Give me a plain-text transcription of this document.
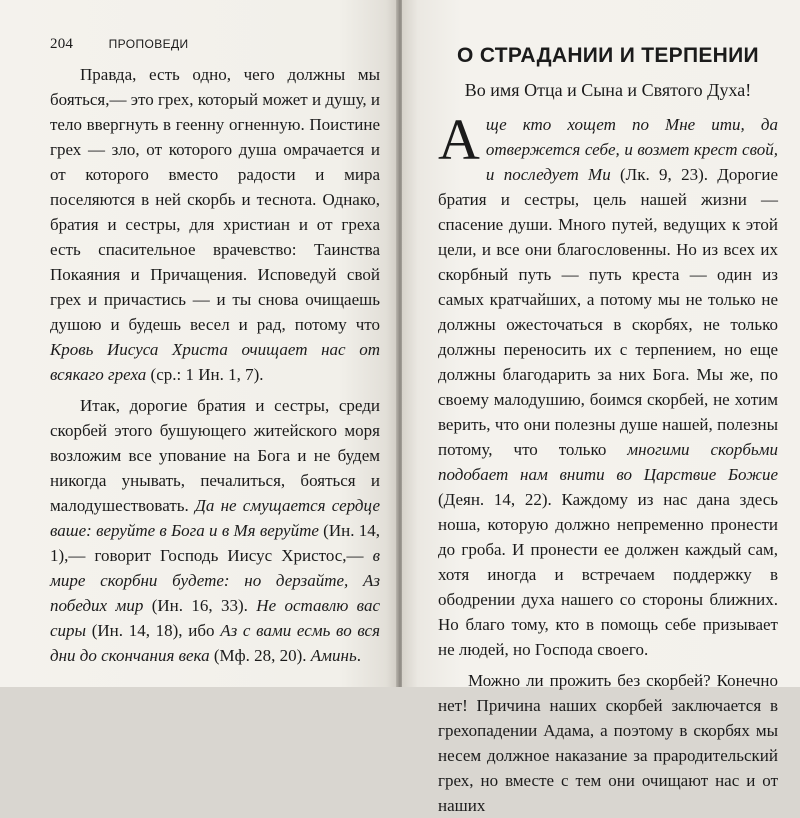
204	ПРОПОВЕДИ

Правда, есть одно, чего должны мы бояться,— это грех, который может и душу, и тело ввергнуть в геенну огненную. Поистине грех — зло, от которого душа омрачается и от которого вместо радости и мира поселяются в ней скорбь и теснота. Однако, братия и сестры, для христиан и от греха есть спасительное врачевство: Таинства Покаяния и Причащения. Исповедуй свой грех и причастись — и ты снова очищаешь душою и будешь весел и рад, потому что Кровь Иисуса Христа очищает нас от всякаго греха (ср.: 1 Ин. 1, 7).

Итак, дорогие братия и сестры, среди скорбей этого бушующего житейского моря возложим все упование на Бога и не будем никогда унывать, печалиться, бояться и малодушествовать. Да не смущается сердце ваше: веруйте в Бога и в Мя веруйте (Ин. 14, 1),— говорит Господь Иисус Христос,— в мире скорбни будете: но дерзайте, Аз победих мир (Ин. 16, 33). Не оставлю вас сиры (Ин. 14, 18), ибо Аз с вами есмь во вся дни до скончания века (Мф. 28, 20). Аминь.

О СТРАДАНИИ И ТЕРПЕНИИ
Во имя Отца и Сына и Святого Духа!

Аще кто хощет по Мне ити, да отвержется себе, и возмет крест свой, и последует Ми (Лк. 9, 23). Дорогие братия и сестры, цель нашей жизни — спасение души. Много путей, ведущих к этой цели, и все они благословенны. Но из всех их скорбный путь — путь креста — один из самых кратчайших, а потому мы не только не должны ожесточаться в скорбях, не только должны переносить их с терпением, но еще должны благодарить за них Бога. Мы же, по своему малодушию, боимся скорбей, не хотим верить, что они полезны душе нашей, полезны потому, что только многими скорбьми подобает нам внити во Царствие Божие (Деян. 14, 22). Каждому из нас дана здесь ноша, которую должно непременно пронести до гроба. И пронести ее должен каждый сам, хотя иногда и встречаем поддержку в ободрении духа нашего со стороны ближних. Но благо тому, кто в помощь себе призывает не людей, но Господа своего.

Можно ли прожить без скорбей? Конечно нет! Причина наших скорбей заключается в грехопадении Адама, а поэтому в скорбях мы несем должное наказание за прародительский грех, но вместе с тем они очищают нас и от наших
